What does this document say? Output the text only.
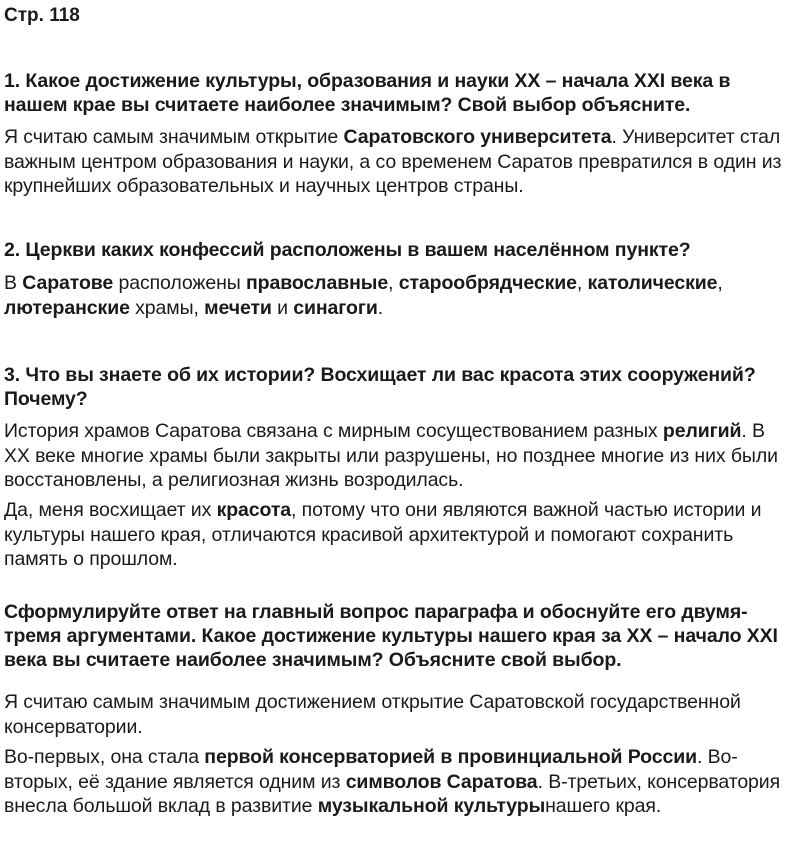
Стр. 118
1. Какое достижение культуры, образования и науки XX – начала XXI века в нашем крае вы считаете наиболее значимым? Свой выбор объясните.
Я считаю самым значимым открытие Саратовского университета. Университет стал важным центром образования и науки, а со временем Саратов превратился в один из крупнейших образовательных и научных центров страны.
2. Церкви каких конфессий расположены в вашем населённом пункте?
В Саратове расположены православные, старообрядческие, католические, лютеранские храмы, мечети и синагоги.
3. Что вы знаете об их истории? Восхищает ли вас красота этих сооружений? Почему?
История храмов Саратова связана с мирным сосуществованием разных религий. В XX веке многие храмы были закрыты или разрушены, но позднее многие из них были восстановлены, а религиозная жизнь возродилась.
Да, меня восхищает их красота, потому что они являются важной частью истории и культуры нашего края, отличаются красивой архитектурой и помогают сохранить память о прошлом.
Сформулируйте ответ на главный вопрос параграфа и обоснуйте его двумя-тремя аргументами. Какое достижение культуры нашего края за XX – начало XXI века вы считаете наиболее значимым? Объясните свой выбор.
Я считаю самым значимым достижением открытие Саратовской государственной консерватории.
Во-первых, она стала первой консерваторией в провинциальной России. Во-вторых, её здание является одним из символов Саратова. В-третьих, консерватория внесла большой вклад в развитие музыкальной культурынашего края.
